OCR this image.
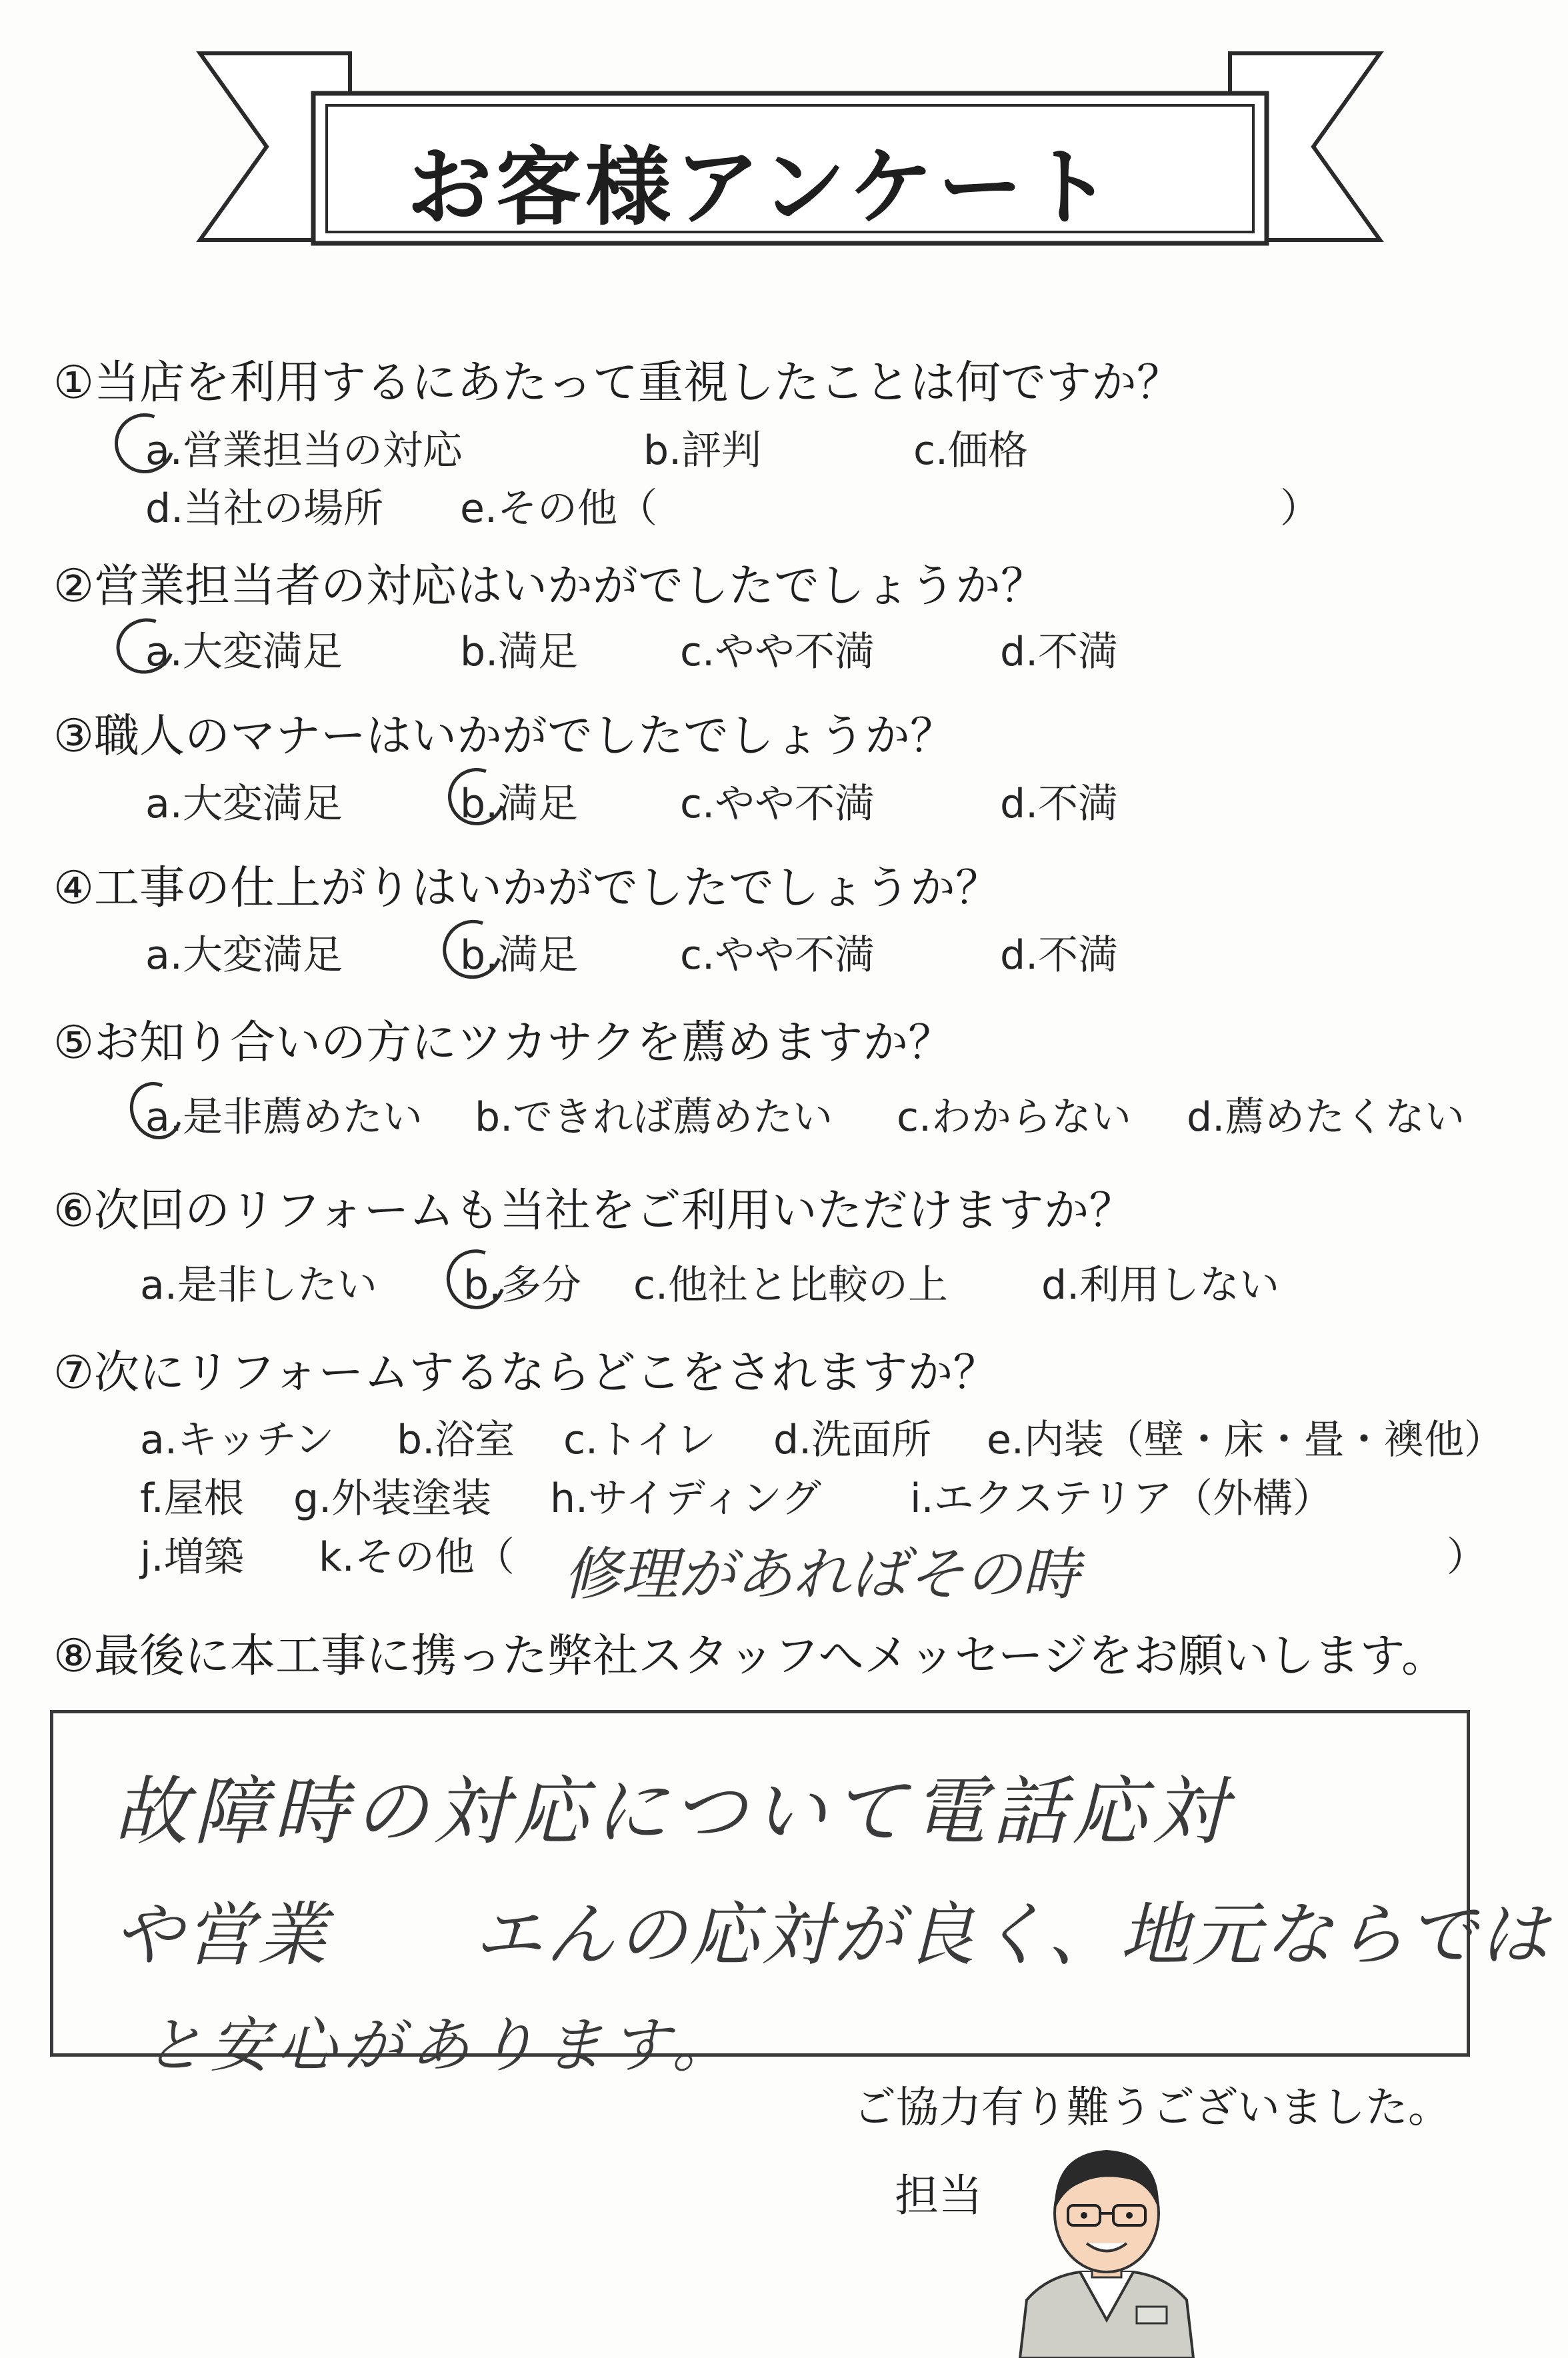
お客様アンケート
①当店を利用するにあたって重視したことは何ですか？
a.営業担当の対応	b.評判	c.価格
d.当社の場所 e.その他（	）
②営業担当者の対応はいかがでしたでしょうか？
a.大変満足	b.満足	c.やや不満	d.不満
③職人のマナーはいかがでしたでしょうか？
a.大変満足	b.満足	c.やや不満	d.不満
④工事の仕上がりはいかがでしたでしょうか？
a.大変満足	b.満足	c.やや不満	d.不満
⑤お知り合いの方にツカサクを薦めますか？
a.是非薦めたい b.できれば薦めたい c.わからない d.薦めたくない
⑥次回のリフォームも当社をご利用いただけますか？
a.是非したい b.多分 c.他社と比較の上 d.利用しない
⑦次にリフォームするならどこをされますか？
a.キッチン b.浴室 c.トイレ d.洗面所 e.内装（壁・床・畳・襖他）
f.屋根 g.外装塗装 h.サイディング i.エクステリア（外構）
j.増築 k.その他（	）
修理があればその時
⑧最後に本工事に携った弊社スタッフへメッセージをお願いします。
故障時の対応について電話応対
や営業　　エんの応対が良く、地元ならでは
と安心があります。
ご協力有り難うございました。
担当
